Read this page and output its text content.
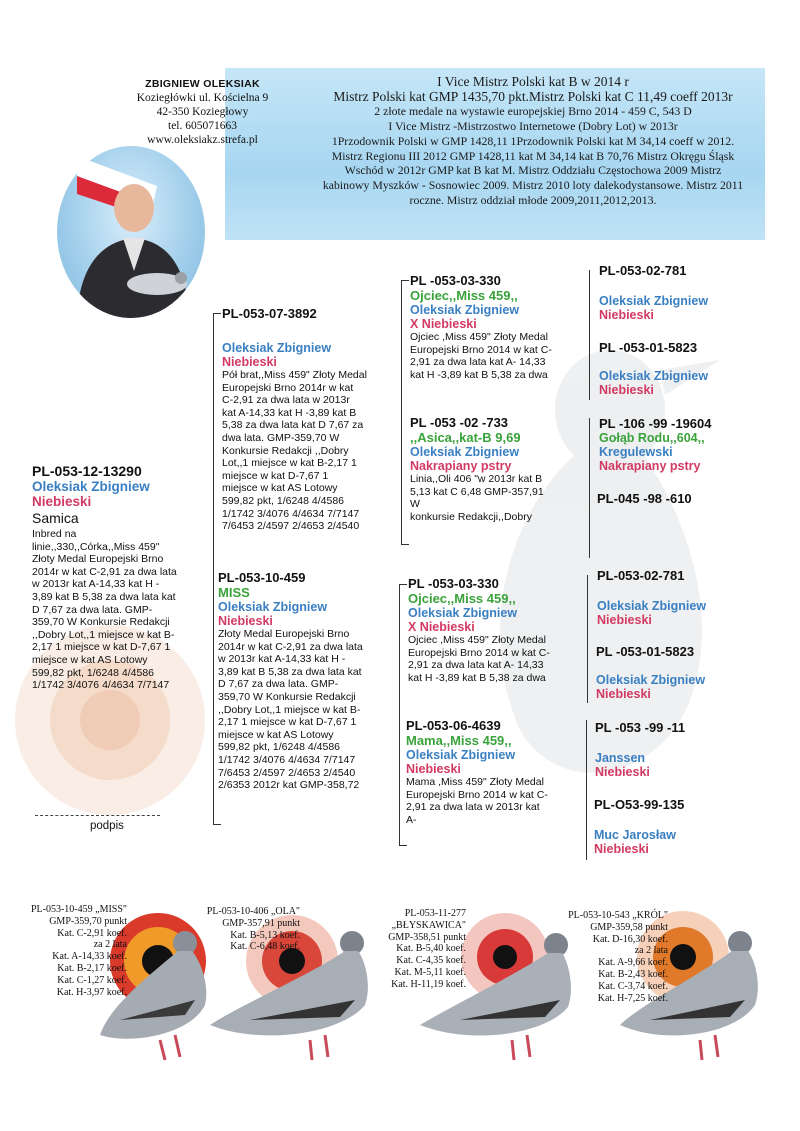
I Vice Mistrz Polski kat B w 2014 r
Mistrz Polski kat GMP 1435,70 pkt.Mistrz Polski kat C 11,49 coeff 2013r
2 złote medale na wystawie europejskiej Brno 2014 - 459 C, 543 D
I Vice Mistrz -Mistrzostwo Internetowe (Dobry Lot) w 2013r
1Przodownik Polski w GMP 1428,11 1Przodownik Polski kat M 34,14 coeff w 2012.
Mistrz Regionu III 2012 GMP 1428,11 kat M 34,14 kat B 70,76 Mistrz Okręgu Śląsk
Wschód w 2012r GMP kat B kat M. Mistrz Oddziału Częstochowa 2009 Mistrz
kabinowy Myszków - Sosnowiec 2009. Mistrz 2010 loty dalekodystansowe. Mistrz 2011
roczne. Mistrz oddział młode 2009,2011,2012,2013.
ZBIGNIEW OLEKSIAK
Koziegłówki ul. Kościelna 9
42-350 Koziegłowy
tel. 605071663
www.oleksiakz.strefa.pl
PL-053-12-13290
Oleksiak Zbigniew
Niebieski
Samica
Inbred na
linie,,330,,Córka,,Miss 459"
Złoty Medal Europejski Brno
2014r w kat C-2,91 za dwa lata
w 2013r kat A-14,33 kat H -
3,89 kat B 5,38 za dwa lata kat
D 7,67 za dwa lata. GMP-
359,70 W Konkursie Redakcji
,,Dobry Lot,,1 miejsce w kat B-
2,17 1 miejsce w kat D-7,67 1
miejsce w kat AS Lotowy
599,82 pkt, 1/6248 4/4586
1/1742 3/4076 4/4634 7/7147
podpis
PL-053-07-3892
Oleksiak Zbigniew
Niebieski
Pół brat,,Miss 459" Złoty Medal
Europejski Brno 2014r w kat
C-2,91 za dwa lata w 2013r
kat A-14,33 kat H -3,89 kat B
5,38 za dwa lata kat D 7,67 za
dwa lata. GMP-359,70 W
Konkursie Redakcji ,,Dobry
Lot,,1 miejsce w kat B-2,17 1
miejsce w kat D-7,67 1
miejsce w kat AS Lotowy
599,82 pkt, 1/6248 4/4586
1/1742 3/4076 4/4634 7/7147
7/6453 2/4597 2/4653 2/4540
PL-053-10-459
MISS
Oleksiak Zbigniew
Niebieski
Złoty Medal Europejski Brno
2014r w kat C-2,91 za dwa lata
w 2013r kat A-14,33 kat H -
3,89 kat B 5,38 za dwa lata kat
D 7,67 za dwa lata. GMP-
359,70 W Konkursie Redakcji
,,Dobry Lot,,1 miejsce w kat B-
2,17 1 miejsce w kat D-7,67 1
miejsce w kat AS Lotowy
599,82 pkt, 1/6248 4/4586
1/1742 3/4076 4/4634 7/7147
7/6453 2/4597 2/4653 2/4540
2/6353 2012r kat GMP-358,72
PL -053-03-330
Ojciec,,Miss 459,,
Oleksiak Zbigniew
X Niebieski
Ojciec ,Miss 459" Złoty Medal
Europejski Brno 2014 w kat C-
2,91 za dwa lata kat A- 14,33
kat H -3,89 kat B 5,38 za dwa
PL -053 -02 -733
,,Asica,,kat-B 9,69
Oleksiak Zbigniew
Nakrapiany pstry
Linia,,Oli 406 "w 2013r kat B
5,13 kat C 6,48 GMP-357,91
W
konkursie Redakcji,,Dobry
PL -053-03-330
Ojciec,,Miss 459,,
Oleksiak Zbigniew
X Niebieski
Ojciec ,Miss 459" Złoty Medal
Europejski Brno 2014 w kat C-
2,91 za dwa lata kat A- 14,33
kat H -3,89 kat B 5,38 za dwa
PL-053-06-4639
Mama,,Miss 459,,
Oleksiak Zbigniew
Niebieski
Mama ,Miss 459" Złoty Medal
Europejski Brno 2014 w kat C-
2,91 za dwa lata w 2013r kat
A-
PL-053-02-781
Oleksiak Zbigniew
Niebieski
PL -053-01-5823
Oleksiak Zbigniew
Niebieski
PL -106 -99 -19604
Gołąb Rodu,,604,,
Kregulewski
Nakrapiany pstry
PL-045 -98 -610
PL-053-02-781
Oleksiak Zbigniew
Niebieski
PL -053-01-5823
Oleksiak Zbigniew
Niebieski
PL -053 -99 -11
Janssen
Niebieski
PL-O53-99-135
Muc Jarosław
Niebieski
PL-053-10-459 „MISS"
GMP-359,70 punkt
Kat. C-2,91 koef.
za 2 lata
Kat. A-14,33 koef.
Kat. B-2,17 koef.
Kat. C-1,27 koef.
Kat. H-3,97 koef.
PL-053-10-406 „OLA"
GMP-357,91 punkt
Kat. B-5,13 koef.
Kat. C-6,48 koef.
PL-053-11-277
„BŁYSKAWICA"
GMP-358,51 punkt
Kat. B-5,40 koef.
Kat. C-4,35 koef.
Kat. M-5,11 koef.
Kat. H-11,19 koef.
PL-053-10-543 „KRÓL"
GMP-359,58 punkt
Kat. D-16,30 koef.
za 2 lata
Kat. A-9,66 koef.
Kat. B-2,43 koef.
Kat. C-3,74 koef.
Kat. H-7,25 koef.
